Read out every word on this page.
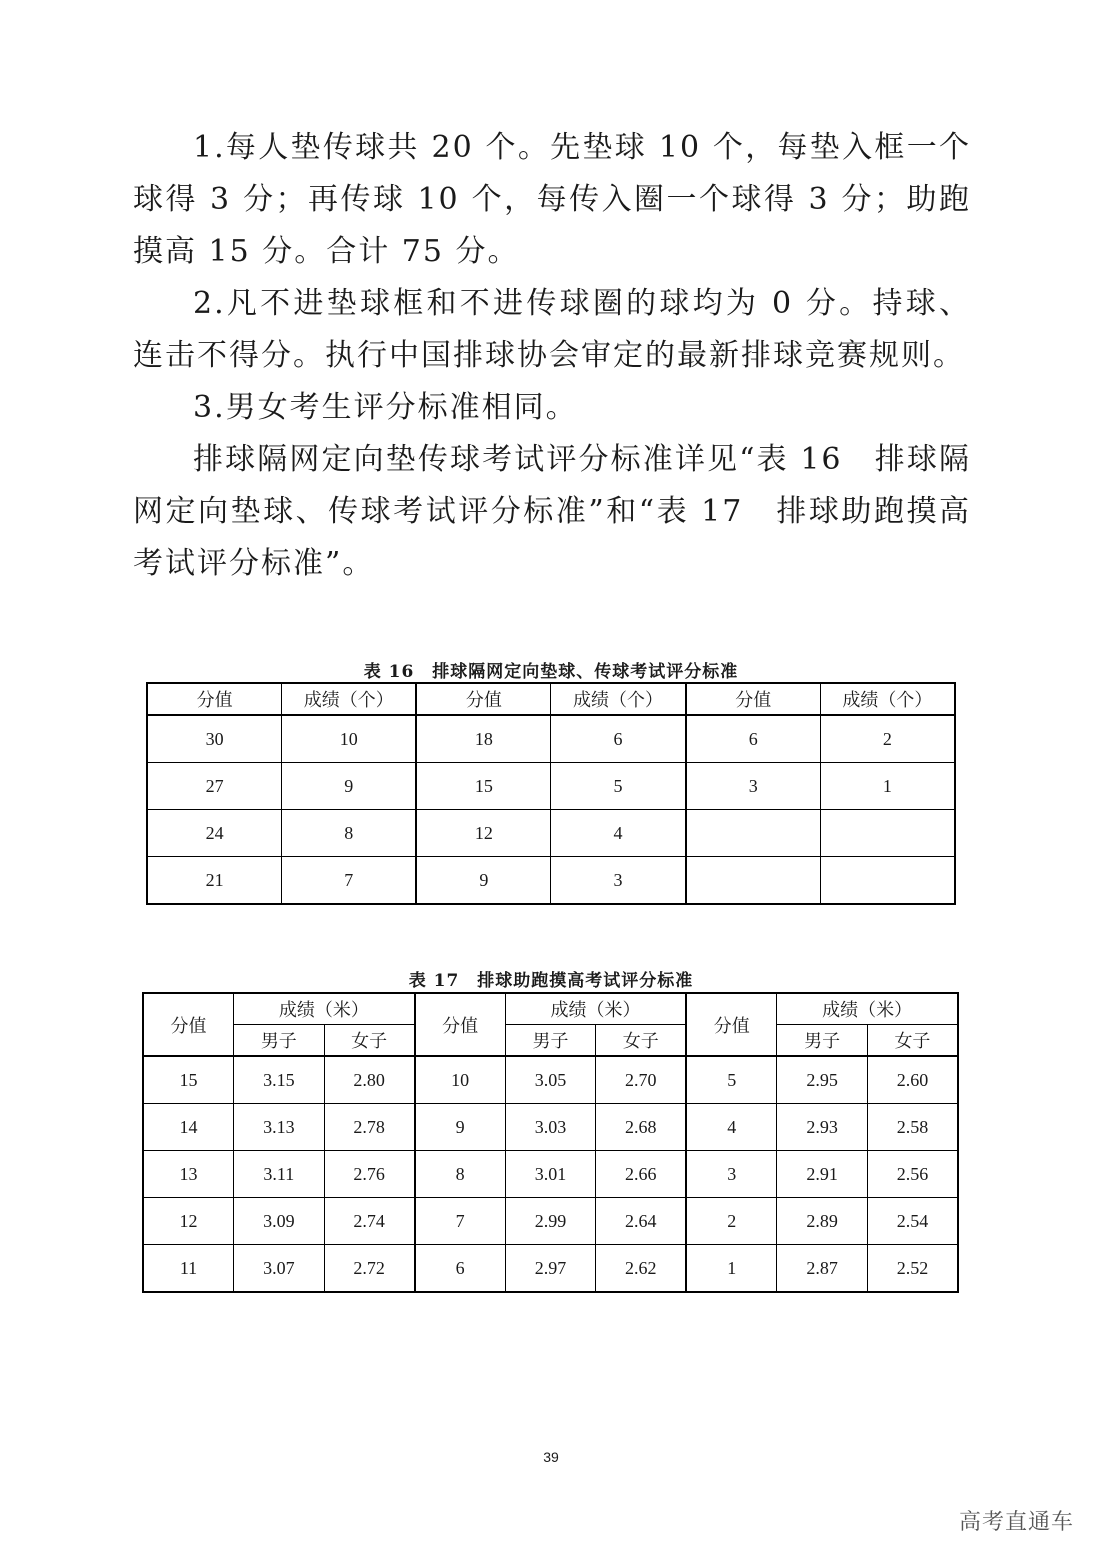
1.每人垫传球共 20 个。先垫球 10 个，每垫入框一个球得 3 分；再传球 10 个，每传入圈一个球得 3 分；助跑摸高 15 分。合计 75 分。

2.凡不进垫球框和不进传球圈的球均为 0 分。持球、连击不得分。执行中国排球协会审定的最新排球竞赛规则。

3.男女考生评分标准相同。

排球隔网定向垫传球考试评分标准详见“表 16　排球隔网定向垫球、传球考试评分标准”和“表 17　排球助跑摸高考试评分标准”。

表 16　排球隔网定向垫球、传球考试评分标准
分值	成绩（个）	分值	成绩（个）	分值	成绩（个）
30	10	18	6	6	2
27	9	15	5	3	1
24	8	12	4		
21	7	9	3		
表 17　排球助跑摸高考试评分标准
分值	成绩（米）		分值	成绩（米）		分值	成绩（米）	
	男子	女子		男子	女子		男子	女子
15	3.15	2.80	10	3.05	2.70	5	2.95	2.60
14	3.13	2.78	9	3.03	2.68	4	2.93	2.58
13	3.11	2.76	8	3.01	2.66	3	2.91	2.56
12	3.09	2.74	7	2.99	2.64	2	2.89	2.54
11	3.07	2.72	6	2.97	2.62	1	2.87	2.52
39
高考直通车
